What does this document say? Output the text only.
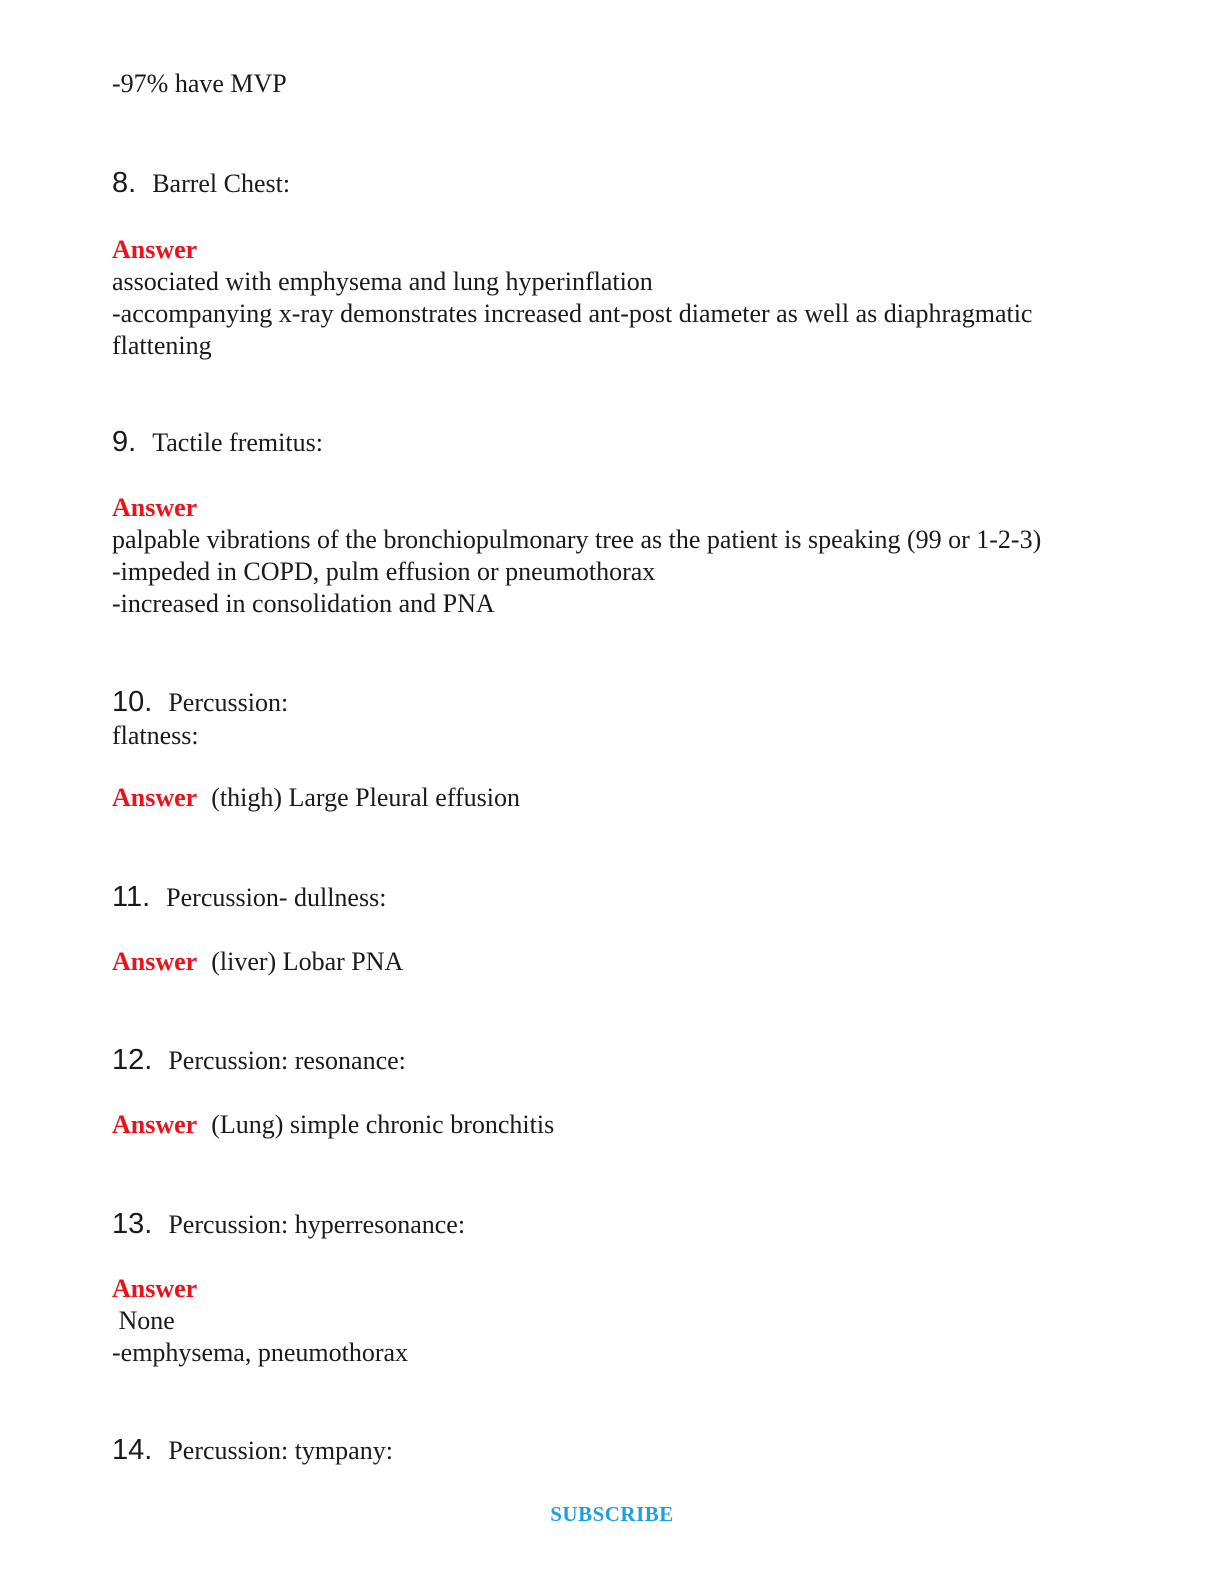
-97% have MVP
8. Barrel Chest:
Answer
associated with emphysema and lung hyperinflation
-accompanying x-ray demonstrates increased ant-post diameter as well as diaphragmatic
flattening
9. Tactile fremitus:
Answer
palpable vibrations of the bronchiopulmonary tree as the patient is speaking (99 or 1-2-3)
-impeded in COPD, pulm effusion or pneumothorax
-increased in consolidation and PNA
10. Percussion:
flatness:
Answer (thigh) Large Pleural effusion
11. Percussion- dullness:
Answer (liver) Lobar PNA
12. Percussion: resonance:
Answer (Lung) simple chronic bronchitis
13. Percussion: hyperresonance:
Answer
None
-emphysema, pneumothorax
14. Percussion: tympany:
SUBSCRIBE
